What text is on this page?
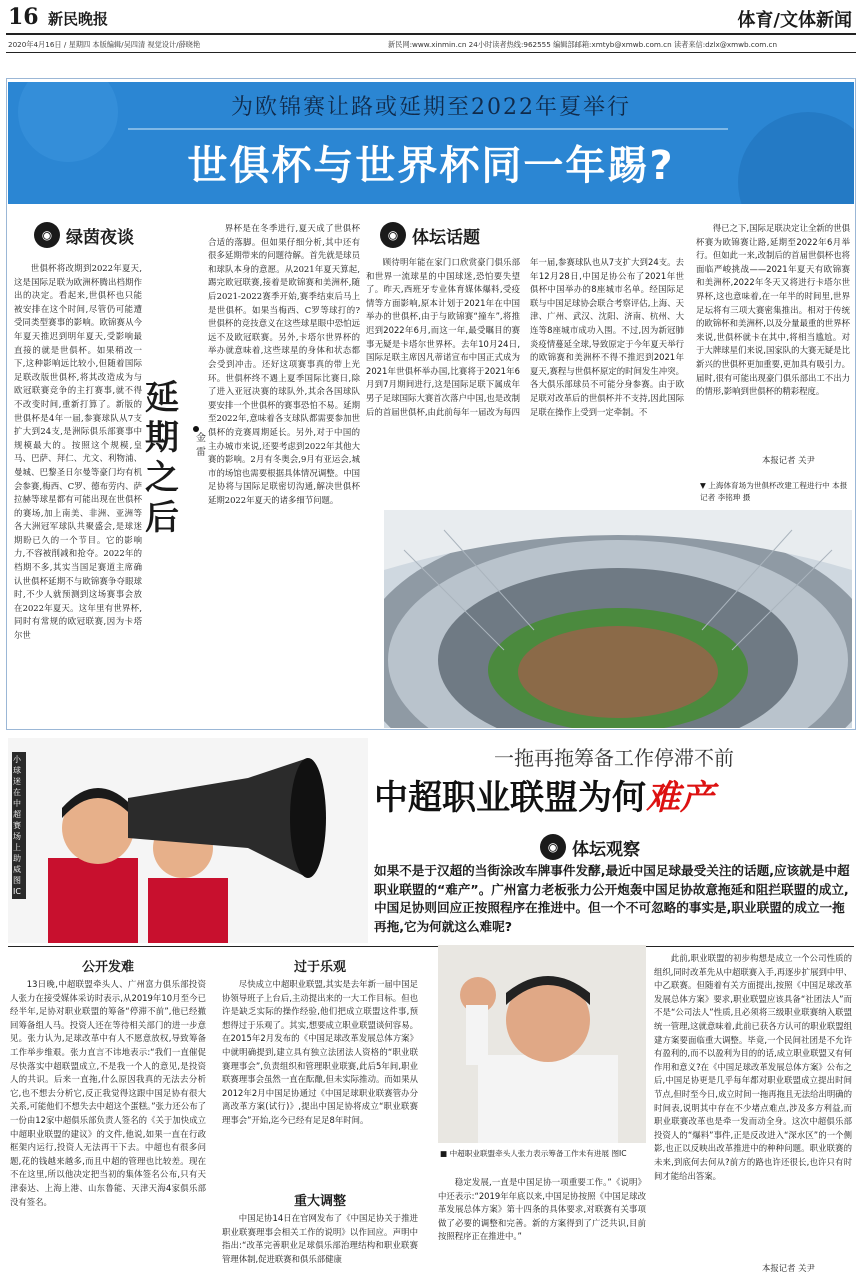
16 新民晚报	体育/文体新闻
2020年4月16日 / 星期四 本版编辑/吴四清 视觉设计/薛晓艳	新民网:www.xinmin.cn 24小时读者热线:962555 编辑部邮箱:xmtyb@xmwb.com.cn 读者来信:dzlx@xmwb.com.cn
为欧锦赛让路或延期至2022年夏举行
世俱杯与世界杯同一年踢?
◉ 绿茵夜谈

世俱杯将改期到2022年夏天,这是国际足联为欧洲杯腾出档期作出的决定。看起来,世俱杯也只能被安排在这个时间,尽管仍可能遭受同类型赛事的影响。欧锦赛从今年夏天推迟到明年夏天,受影响最直接的就是世俱杯。如果稍改一下,这种影响远比较小,但随着国际足联改版世俱杯,将其改造成为与欧冠联赛竞争的主打赛事,就不得不改变时间,重新打算了。新版的世俱杯是4年一届,参赛球队从7支扩大到24支,是洲际俱乐部赛事中规模最大的。按照这个规模,皇马、巴萨、拜仁、尤文、利物浦、曼城、巴黎圣日尔曼等豪门均有机会参赛,梅西、C罗、德布劳内、萨拉赫等球星都有可能出现在世俱杯的赛场,加上南美、非洲、亚洲等各大洲冠军球队共聚盛会,是球迷期盼已久的一个节目。它的影响力,不容被削减和抢夺。2022年的档期不多,其实当国足赛道主席确认世俱杯延期不与欧锦赛争夺眼球时,不少人就预测到这场赛事会放在2022年夏天。这年里有世界杯,同时有常规的欧冠联赛,因为卡塔尔世

延期之后
金雷

界杯是在冬季进行,夏天成了世俱杯合适的落脚。但如果仔细分析,其中还有很多延期带来的问题待解。首先就是球员和球队本身的意愿。从2021年夏天算起,踢完欧冠联赛,接着是欧锦赛和美洲杯,随后2021-2022赛季开始,赛季结束后马上是世俱杯。如果当梅西、C罗等球打的?世俱杯的竞技意义在这些球星眼中恐怕远远不及欧冠联赛。另外,卡塔尔世界杯的举办就意味着,这些球星的身体和状态都会受到冲击。还好这项赛事真的带上光环。世俱杯终不遇上夏季国际比赛日,除了进入亚冠决赛的球队外,其余各国球队要安排一个世俱杯的赛事恐怕不易。延期至2022年,意味着各支球队都需要参加世俱杯的竞赛周期延长。另外,对于中国的主办城市来说,还要考虑到2022年其他大赛的影响。2月有冬奥会,9月有亚运会,城市的场馆也需要根据具体情况调整。中国足协将与国际足联密切沟通,解决世俱杯延期2022年夏天的诸多细节问题。

◉ 体坛话题

顾待明年能在家门口欣赏豪门俱乐部和世界一流球星的中国球迷,恐怕要失望了。昨天,西班牙专业体育媒体爆料,受疫情等方面影响,原本计划于2021年在中国举办的世俱杯,由于与欧锦赛“撞车”,将推迟到2022年6月,而这一年,最受瞩目的赛事无疑是卡塔尔世界杯。去年10月24日,国际足联主席因凡蒂诺宣布中国正式成为2021年世俱杯举办国,比赛将于2021年6月到7月期间进行,这是国际足联下属成年男子足球国际大赛首次落户中国,也是改制后的首届世俱杯,由此前每年一届改为每四年一届,参赛球队也从7支扩大到24支。去年12月28日,中国足协公布了2021年世俱杯中国举办的8座城市名单。经国际足联与中国足球协会联合考察评估,上海、天津、广州、武汉、沈阳、济南、杭州、大连等8座城市成功入围。不过,因为新冠肺炎疫情蔓延全球,导致原定于今年夏天举行的欧锦赛和美洲杯不得不推迟到2021年夏天,赛程与世俱杯原定的时间发生冲突。各大俱乐部球员不可能分身参赛。由于欧足联对改革后的世俱杯并不支持,因此国际足联在操作上受到一定牵制。不

得已之下,国际足联决定让全新的世俱杯赛为欧锦赛让路,延期至2022年6月举行。但如此一来,改制后的首届世俱杯也将面临严峻挑战——2021年夏天有欧锦赛和美洲杯,2022年冬天又将进行卡塔尔世界杯,这也意味着,在一年半的时间里,世界足坛将有三项大赛密集推出。相对于传统的欧锦杯和美洲杯,以及分量最重的世界杯来说,世俱杯就卡在其中,将相当尴尬。对于大牌球星们来说,国家队的大赛无疑是比新兴的世俱杯更加重要,更加具有吸引力。届时,很有可能出现豪门俱乐部出工不出力的情形,影响到世俱杯的精彩程度。

本报记者 关尹
▼ 上海体育场为世俱杯改建工程进行中 本报记者 李铭珅 摄
小球迷在中超赛场上助威 图IC
一拖再拖筹备工作停滞不前
中超职业联盟为何难产
◉ 体坛观察
如果不是于汉超的当街涂改车牌事件发酵,最近中国足球最受关注的话题,应该就是中超职业联盟的“难产”。广州富力老板张力公开炮轰中国足协故意拖延和阻拦联盟的成立,中国足协则回应正按照程序在推进中。但一个不可忽略的事实是,职业联盟的成立一拖再拖,它为何就这么难呢?
公开发难

13日晚,中超联盟牵头人、广州富力俱乐部投资人张力在接受媒体采访时表示,从2019年10月至今已经半年,足协对职业联盟的筹备“停滞不前”,他已经撤回筹备组人马。投资人还在等待相关部门的进一步意见。张力认为,足球改革中有人不愿意放权,导致筹备工作举步维艰。张力直言不讳地表示:“我们一直催促尽快落实中超联盟成立,不是我一个人的意见,是投资人的共识。后来一直拖,什么原因我真的无法去分析它,也不想去分析它,反正我觉得这跟中国足协有很大关系,可能他们不想失去中超这个蛋糕。”张力还公布了一份由12家中超俱乐部负责人签名的《关于加快成立中超职业联盟的建议》的文件,他说,如果一直在行政框架内运行,投资人无法再干下去。中超也有很多问题,花的钱越来越多,而且中超的管理也比较差。现在不在这里,所以他决定把当初的集体签名公布,只有天津泰达、上海上港、山东鲁能、天津天海4家俱乐部没有签名。

过于乐观

尽快成立中超职业联盟,其实是去年新一届中国足协领导班子上台后,主动提出来的一大工作目标。但也许是缺乏实际的操作经验,他们把成立联盟这件事,预想得过于乐观了。其实,想要成立职业联盟谈何容易。在2015年2月发布的《中国足球改革发展总体方案》中就明确提到,建立具有独立法团法人资格的“职业联赛理事会”,负责组织和管理职业联赛,此后5年间,职业联赛理事会虽然一直在酝酿,但未实际推动。而如果从2012年2月中国足协通过《中国足球职业联赛管办分离改革方案(试行)》,提出中国足协将成立“职业联赛理事会”开始,迄今已经有足足8年时间。

重大调整

中国足协14日在官网发布了《中国足协关于推进职业联赛理事会相关工作的说明》以作回应。声明中指出:“改革完善职业足球俱乐部治理结构和职业联赛管理体制,促进联赛和俱乐部健康

■ 中超职业联盟牵头人张力表示筹备工作未有进展 图IC

稳定发展,一直是中国足协一项重要工作。”《说明》中还表示:“2019年年底以来,中国足协按照《中国足球改革发展总体方案》第十四条的具体要求,对联赛有关事项做了必要的调整和完善。新的方案得到了广泛共识,目前按照程序正在推进中。”

此前,职业联盟的初步构想是成立一个公司性质的组织,同时改革先从中超联赛入手,再逐步扩展到中甲、中乙联赛。但随着有关方面提出,按照《中国足球改革发展总体方案》要求,职业联盟应该具备“社团法人”而不是“公司法人”性质,且必须将三级职业联赛纳入联盟统一管理,这就意味着,此前已获各方认可的职业联盟组建方案要面临重大调整。毕竟,一个民间社团是不允许有盈利的,而不以盈利为目的的话,成立职业联盟又有何作用和意义?在《中国足球改革发展总体方案》公布之后,中国足协更是几乎每年都对职业联盟成立提出时间节点,但时至今日,成立时间一拖再拖且无法给出明确的时间表,说明其中存在不少堵点难点,涉及多方利益,而职业联赛改革也是牵一发而动全身。这次中超俱乐部投资人的“爆料”事件,正是反改进入“深水区”的一个侧影,也正以反映出改革推进中的种种问题。职业联赛的未来,到底何去何从?前方的路也许还很长,也许只有时间才能给出答案。

本报记者 关尹
